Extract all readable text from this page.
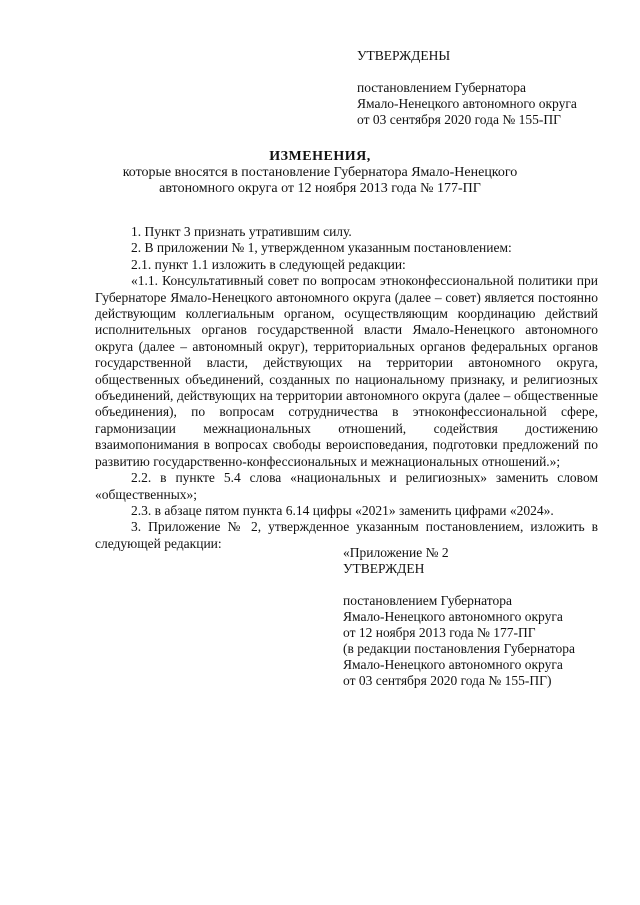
УТВЕРЖДЕНЫ
постановлением Губернатора
Ямало-Ненецкого автономного округа
от 03 сентября 2020 года № 155-ПГ
ИЗМЕНЕНИЯ,
которые вносятся в постановление Губернатора Ямало-Ненецкого
автономного округа от 12 ноября 2013 года № 177-ПГ

1. Пункт 3 признать утратившим силу.

2. В приложении № 1, утвержденном указанным постановлением:

2.1. пункт 1.1 изложить в следующей редакции:

«1.1. Консультативный совет по вопросам этноконфессиональной политики при Губернаторе Ямало-Ненецкого автономного округа (далее – совет) является постоянно действующим коллегиальным органом, осуществляющим координацию действий исполнительных органов государственной власти Ямало-Ненецкого автономного округа (далее – автономный округ), территориальных органов федеральных органов государственной власти, действующих на территории автономного округа, общественных объединений, созданных по национальному признаку, и религиозных объединений, действующих на территории автономного округа (далее – общественные объединения), по вопросам сотрудничества в этноконфессиональной сфере, гармонизации межнациональных отношений, содействия достижению взаимопонимания в вопросах свободы вероисповедания, подготовки предложений по развитию государственно-конфессиональных и межнациональных отношений.»;

2.2. в пункте 5.4 слова «национальных и религиозных» заменить словом «общественных»;

2.3. в абзаце пятом пункта 6.14 цифры «2021» заменить цифрами «2024».

3. Приложение № 2, утвержденное указанным постановлением, изложить в следующей редакции:

«Приложение № 2
УТВЕРЖДЕН
постановлением Губернатора
Ямало-Ненецкого автономного округа
от 12 ноября 2013 года № 177-ПГ
(в редакции постановления Губернатора
Ямало-Ненецкого автономного округа
от 03 сентября 2020 года № 155-ПГ)
